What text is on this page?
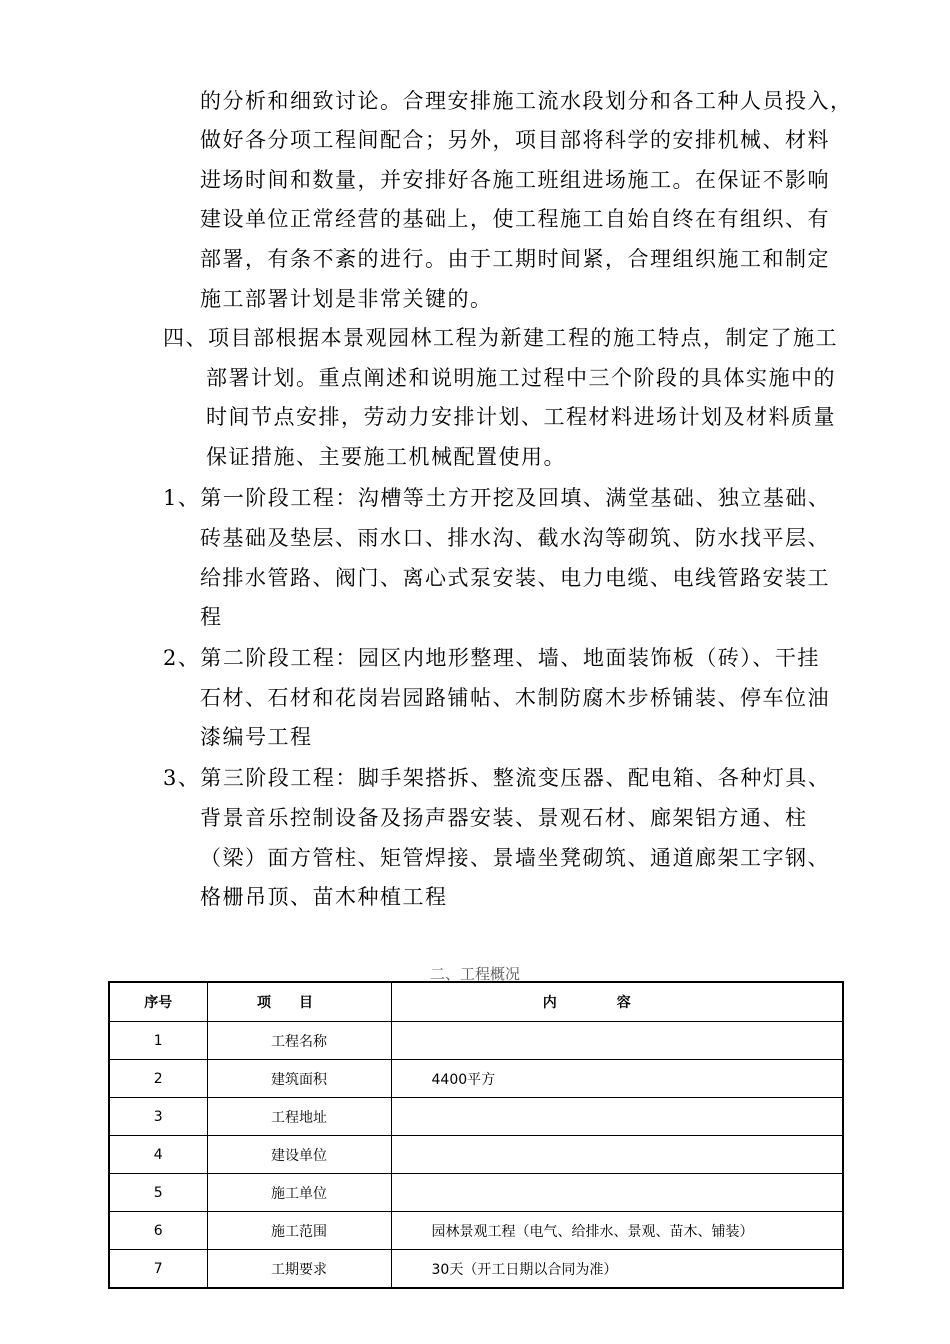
的分析和细致讨论。合理安排施工流水段划分和各工种人员投入，
做好各分项工程间配合；另外，项目部将科学的安排机械、材料
进场时间和数量，并安排好各施工班组进场施工。在保证不影响
建设单位正常经营的基础上，使工程施工自始自终在有组织、有
部署，有条不紊的进行。由于工期时间紧，合理组织施工和制定
施工部署计划是非常关键的。
四、项目部根据本景观园林工程为新建工程的施工特点，制定了施工
部署计划。重点阐述和说明施工过程中三个阶段的具体实施中的
时间节点安排，劳动力安排计划、工程材料进场计划及材料质量
保证措施、主要施工机械配置使用。
1、第一阶段工程：沟槽等土方开挖及回填、满堂基础、独立基础、
砖基础及垫层、雨水口、排水沟、截水沟等砌筑、防水找平层、
给排水管路、阀门、离心式泵安装、电力电缆、电线管路安装工
程
2、第二阶段工程：园区内地形整理、墙、地面装饰板（砖）、干挂
石材、石材和花岗岩园路铺帖、木制防腐木步桥铺装、停车位油
漆编号工程
3、第三阶段工程：脚手架搭拆、整流变压器、配电箱、各种灯具、
背景音乐控制设备及扬声器安装、景观石材、廊架铝方通、柱
（梁）面方管柱、矩管焊接、景墙坐凳砌筑、通道廊架工字钢、
格栅吊顶、苗木种植工程
二、工程概况
序号	项目	内容
1	工程名称	
2	建筑面积	4400平方
3	工程地址	
4	建设单位	
5	施工单位	
6	施工范围	园林景观工程（电气、给排水、景观、苗木、铺装）
7	工期要求	30天（开工日期以合同为准）
